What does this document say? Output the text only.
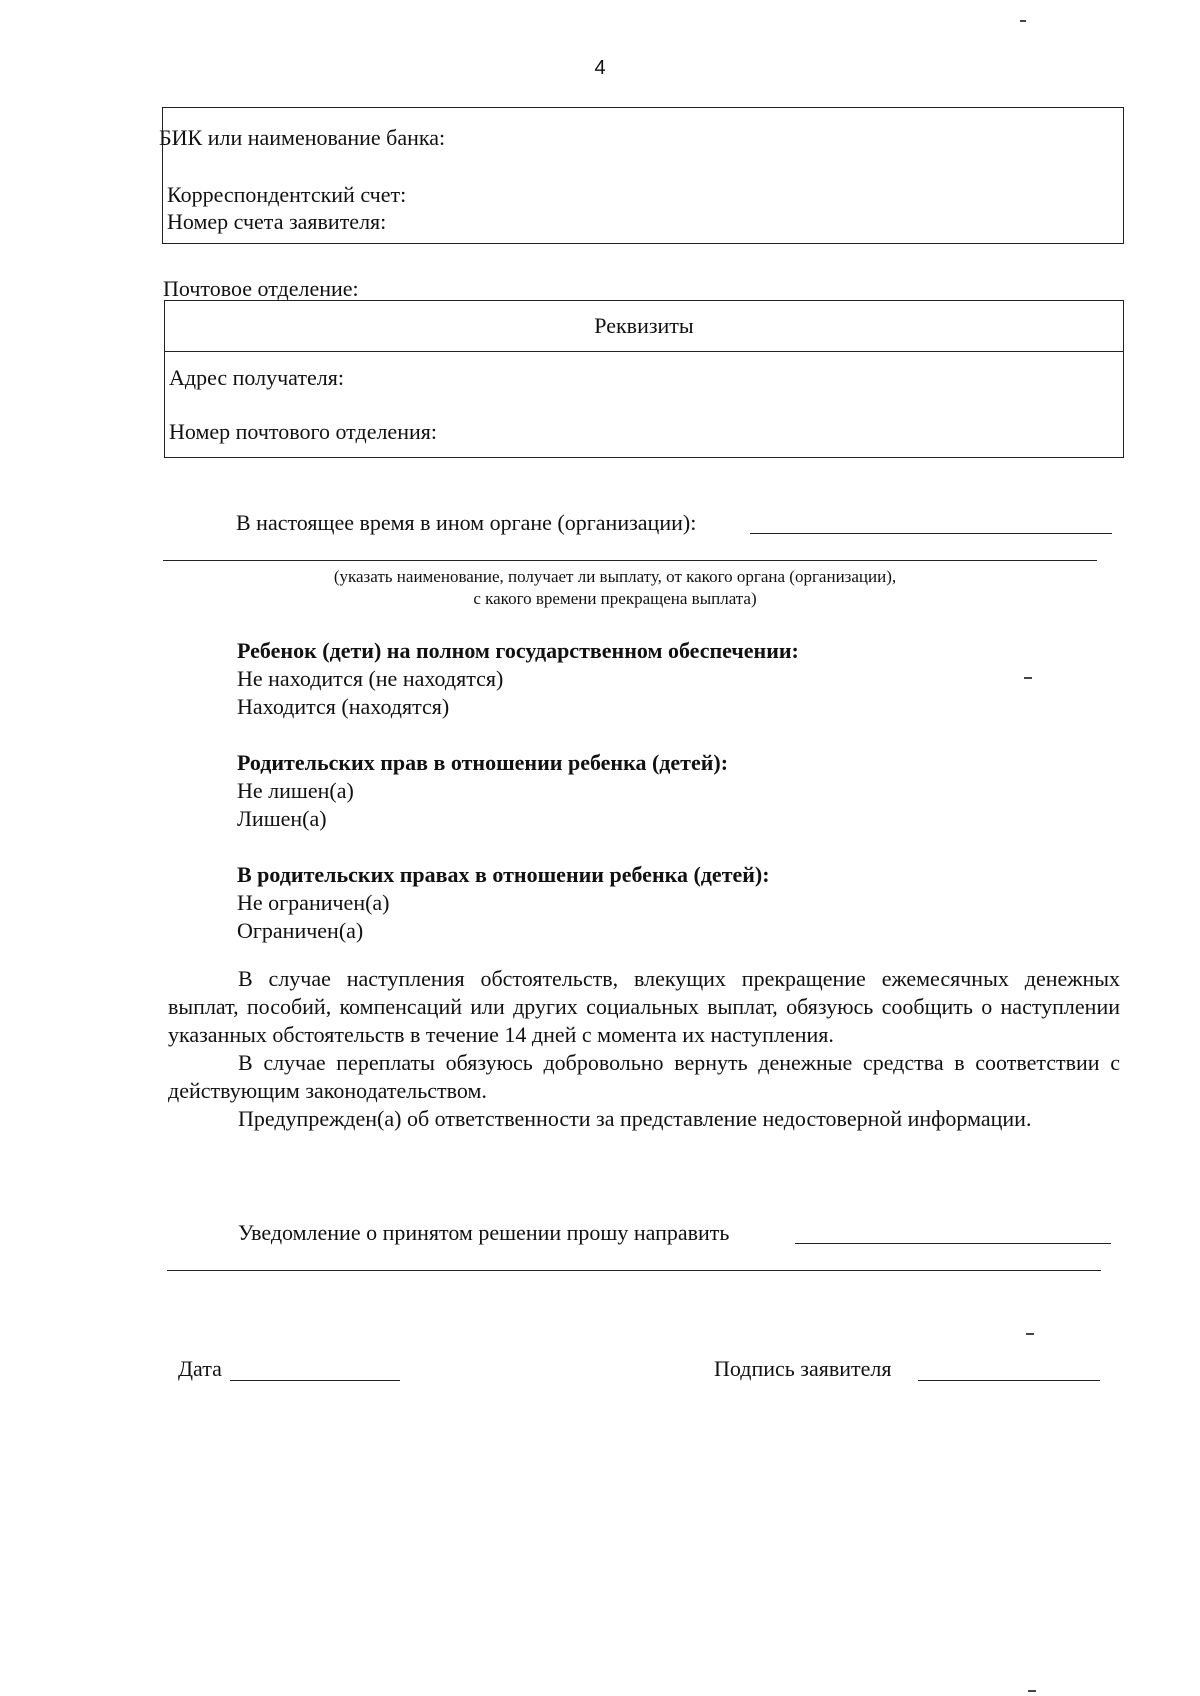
4
БИК или наименование банка:
Корреспондентский счет:
Номер счета заявителя:
Почтовое отделение:
Реквизиты
Адрес получателя:
Номер почтового отделения:
В настоящее время в ином органе (организации):
(указать наименование, получает ли выплату, от какого органа (организации),
с какого времени прекращена выплата)
Ребенок (дети) на полном государственном обеспечении:
Не находится (не находятся)
Находится (находятся)
Родительских прав в отношении ребенка (детей):
Не лишен(а)
Лишен(а)
В родительских правах в отношении ребенка (детей):
Не ограничен(а)
Ограничен(а)

В случае наступления обстоятельств, влекущих прекращение ежемесячных денежных выплат, пособий, компенсаций или других социальных выплат, обязуюсь сообщить о наступлении указанных обстоятельств в течение 14 дней с момента их наступления.

В случае переплаты обязуюсь добровольно вернуть денежные средства в соответствии с действующим законодательством.

Предупрежден(а) об ответственности за представление недостоверной информации.

Уведомление о принятом решении прошу направить
Дата	Подпись заявителя
